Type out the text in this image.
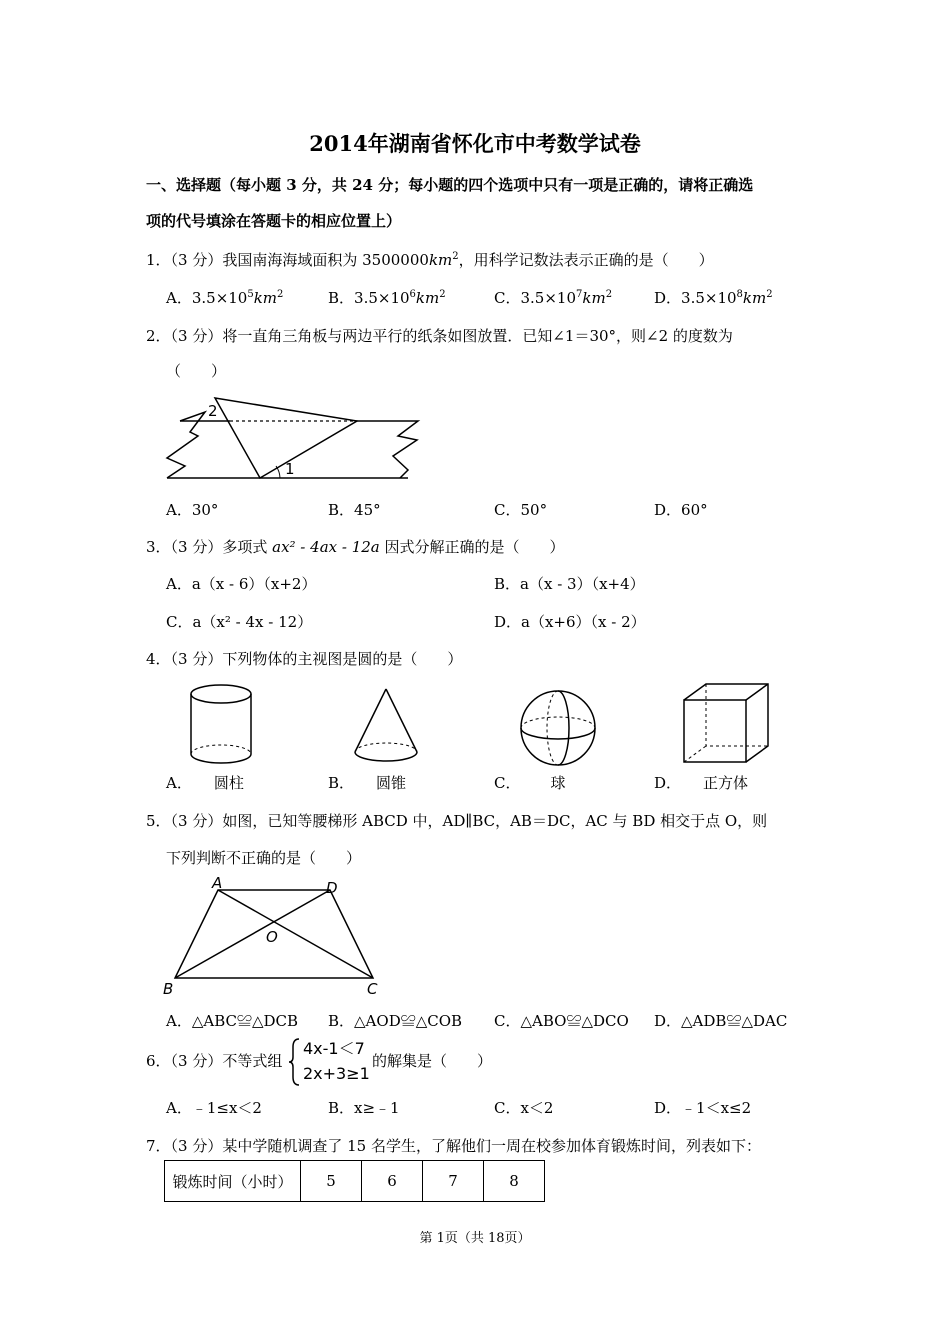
2014年湖南省怀化市中考数学试卷
一、选择题（每小题 3 分，共 24 分；每小题的四个选项中只有一项是正确的，请将正确选
项的代号填涂在答题卡的相应位置上）
1．（3 分）我国南海海域面积为 $3500000km^2$，用科学记数法表示正确的是（　　）
A．$3.5\times 10^5km^2$	B．$3.5\times 10^6km^2$	C．$3.5\times 10^7km^2$	D．$3.5\times 10^8km^2$
2．（3 分）将一直角三角板与两边平行的纸条如图放置．已知∠1＝30°，则∠2 的度数为
（　　）
2
1
A．30°	B．45°	C．50°	D．60°
3．（3 分）多项式 ax² - 4ax - 12a 因式分解正确的是（　　）
A．a（x - 6）（x+2）	B．a（x - 3）（x+4）
C．a（x² - 4x - 12）	D．a（x+6）（x - 2）
4．（3 分）下列物体的主视图是圆的是（　　）
A． 圆柱	B． 圆锥	C． 球	D． 正方体
5．（3 分）如图，已知等腰梯形 ABCD 中，AD∥BC，AB＝DC，AC 与 BD 相交于点 O，则
下列判断不正确的是（　　）
A	D
B	C
O
A．△ABC≌△DCB B．△AOD≌△COB C．△ABO≌△DCO D．△ADB≌△DAC
6．（3 分）不等式组
4x-1＜7
2x+3≥1
的解集是（　　）
A．﹣1≤x＜2	B．x≥﹣1	C．x＜2	D．﹣1＜x≤2
7．（3 分）某中学随机调查了 15 名学生，了解他们一周在校参加体育锻炼时间，列表如下：
锻炼时间（小时）	5	6	7	8
第 1页（共 18页）
